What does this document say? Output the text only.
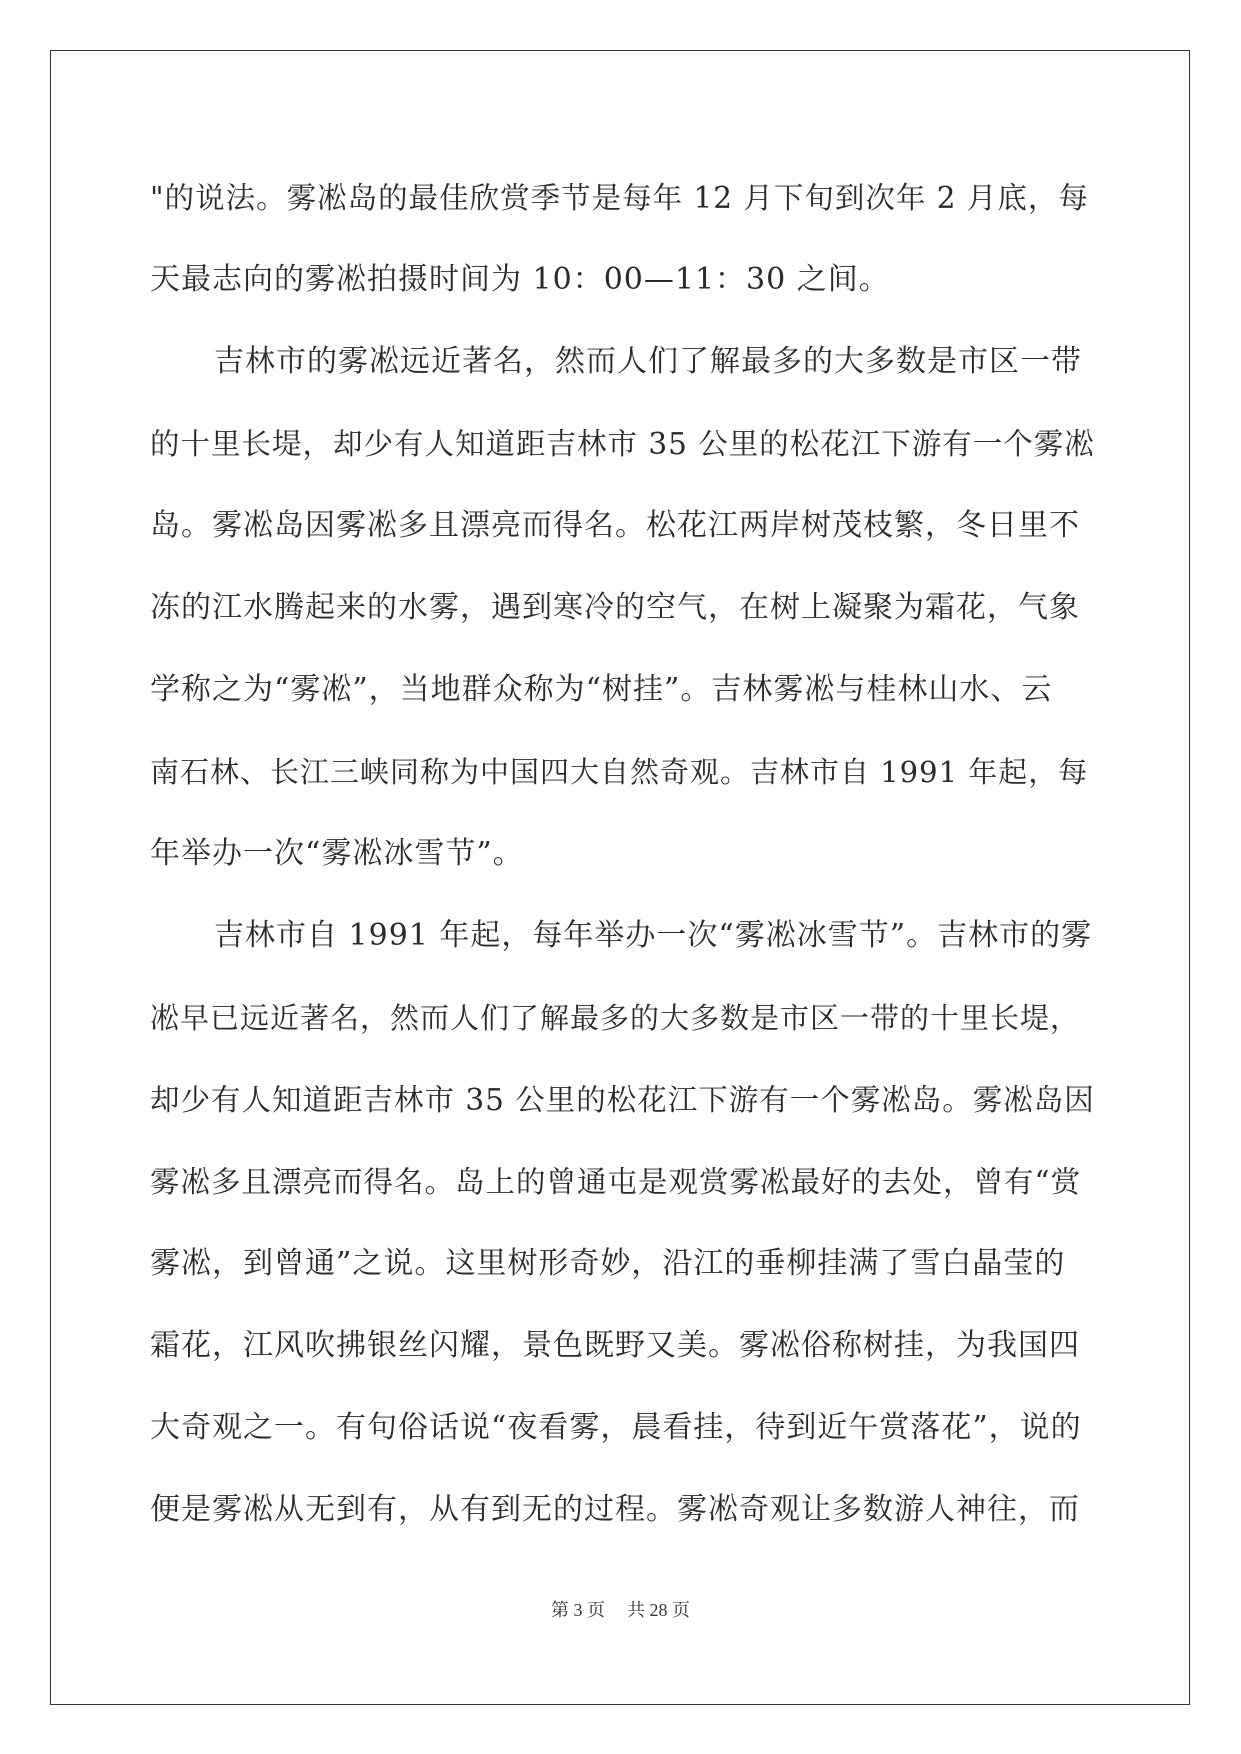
"的说法。雾凇岛的最佳欣赏季节是每年 12 月下旬到次年 2 月底，每
天最志向的雾凇拍摄时间为 10：00—11：30 之间。
吉林市的雾凇远近著名，然而人们了解最多的大多数是市区一带
的十里长堤，却少有人知道距吉林市 35 公里的松花江下游有一个雾凇
岛。雾凇岛因雾凇多且漂亮而得名。松花江两岸树茂枝繁，冬日里不
冻的江水腾起来的水雾，遇到寒冷的空气，在树上凝聚为霜花，气象
学称之为“雾凇”，当地群众称为“树挂”。吉林雾凇与桂林山水、云
南石林、长江三峡同称为中国四大自然奇观。吉林市自 1991 年起，每
年举办一次“雾凇冰雪节”。
吉林市自 1991 年起，每年举办一次“雾凇冰雪节”。吉林市的雾
凇早已远近著名，然而人们了解最多的大多数是市区一带的十里长堤，
却少有人知道距吉林市 35 公里的松花江下游有一个雾凇岛。雾凇岛因
雾凇多且漂亮而得名。岛上的曾通屯是观赏雾凇最好的去处，曾有“赏
雾凇，到曾通”之说。这里树形奇妙，沿江的垂柳挂满了雪白晶莹的
霜花，江风吹拂银丝闪耀，景色既野又美。雾凇俗称树挂，为我国四
大奇观之一。有句俗话说“夜看雾，晨看挂，待到近午赏落花”，说的
便是雾凇从无到有，从有到无的过程。雾凇奇观让多数游人神往，而
第 3 页 共 28 页
